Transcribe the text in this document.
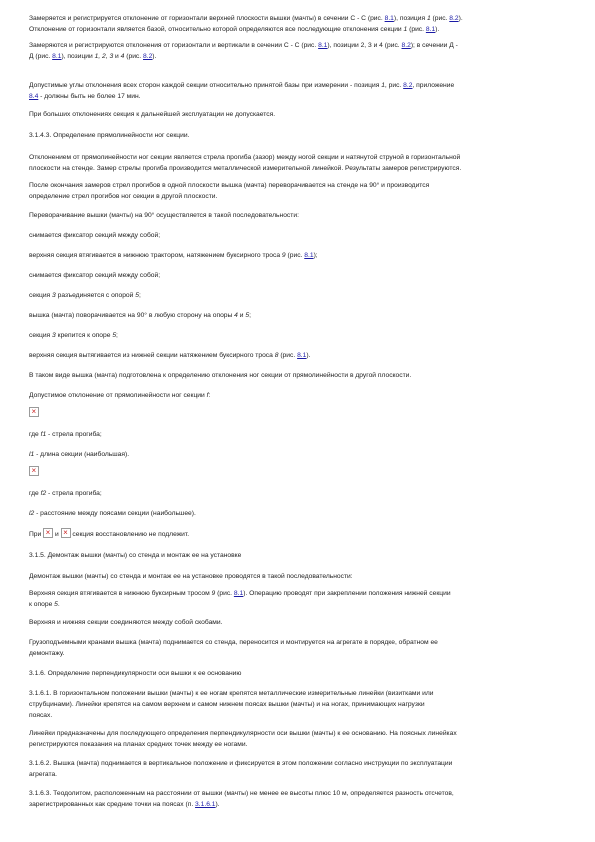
Замеряется и регистрируется отклонение от горизонтали верхней плоскости вышки (мачты) в сечении С - С (рис. 8.1), позиция 1 (рис. 8.2).
Отклонение от горизонтали является базой, относительно которой определяются все последующие отклонения секции 1 (рис. 8.1).
Замеряются и регистрируются отклонения от горизонтали и вертикали в сечении С - С (рис. 8.1), позиции 2, 3 и 4 (рис. 8.2); в сечении Д -
Д (рис. 8.1), позиции 1, 2, 3 и 4 (рис. 8.2).
Допустимые углы отклонения всех сторон каждой секции относительно принятой базы при измерении - позиция 1, рис. 8.2, приложение
8.4 - должны быть не более 17 мин.
При больших отклонениях секция к дальнейшей эксплуатации не допускается.
3.1.4.3. Определение прямолинейности ног секции.
Отклонением от прямолинейности ног секции является стрела прогиба (зазор) между ногой секции и натянутой струной в горизонтальной
плоскости на стенде. Замер стрелы прогиба производится металлической измерительной линейкой. Результаты замеров регистрируются.
После окончания замеров стрел прогибов в одной плоскости вышка (мачта) переворачивается на стенде на 90° и производится
определение стрел прогибов ног секции в другой плоскости.
Переворачивание вышки (мачты) на 90° осуществляется в такой последовательности:
снимается фиксатор секций между собой;
верхняя секция втягивается в нижнюю трактором, натяжением буксирного троса 9 (рис. 8.1);
снимается фиксатор секций между собой;
секция 3 разъединяется с опорой 5;
вышка (мачта) поворачивается на 90° в любую сторону на опоры 4 и 5;
секция 3 крепится к опоре 5;
верхняя секция вытягивается из нижней секции натяжением буксирного троса 8 (рис. 8.1).
В таком виде вышка (мачта) подготовлена к определению отклонения ног секции от прямолинейности в другой плоскости.
Допустимое отклонение от прямолинейности ног секции f:
×
где f1 - стрела прогиба;
l1 - длина секции (наибольшая).
×
где f2 - стрела прогиба;
l2 - расстояние между поясами секции (наибольшее).
При × и × секция восстановлению не подлежит.
3.1.5. Демонтаж вышки (мачты) со стенда и монтаж ее на установке
Демонтаж вышки (мачты) со стенда и монтаж ее на установке проводятся в такой последовательности:
Верхняя секция втягивается в нижнюю буксирным тросом 9 (рис. 8.1). Операцию проводят при закреплении положения нижней секции
к опоре 5.
Верхняя и нижняя секции соединяются между собой скобами.
Грузоподъемными кранами вышка (мачта) поднимается со стенда, переносится и монтируется на агрегате в порядке, обратном ее
демонтажу.
3.1.6. Определение перпендикулярности оси вышки к ее основанию
3.1.6.1. В горизонтальном положении вышки (мачты) к ее ногам крепятся металлические измерительные линейки (визитками или
струбцинами). Линейки крепятся на самом верхнем и самом нижнем поясах вышки (мачты) и на ногах, принимающих нагрузки
поясах.
Линейки предназначены для последующего определения перпендикулярности оси вышки (мачты) к ее основанию. На поясных линейках
регистрируются показания на планах средних точек между ее ногами.
3.1.6.2. Вышка (мачта) поднимается в вертикальное положение и фиксируется в этом положении согласно инструкции по эксплуатации
агрегата.
3.1.6.3. Теодолитом, расположенным на расстоянии от вышки (мачты) не менее ее высоты плюс 10 м, определяется разность отсчетов,
зарегистрированных как средние точки на поясах (п. 3.1.6.1).
